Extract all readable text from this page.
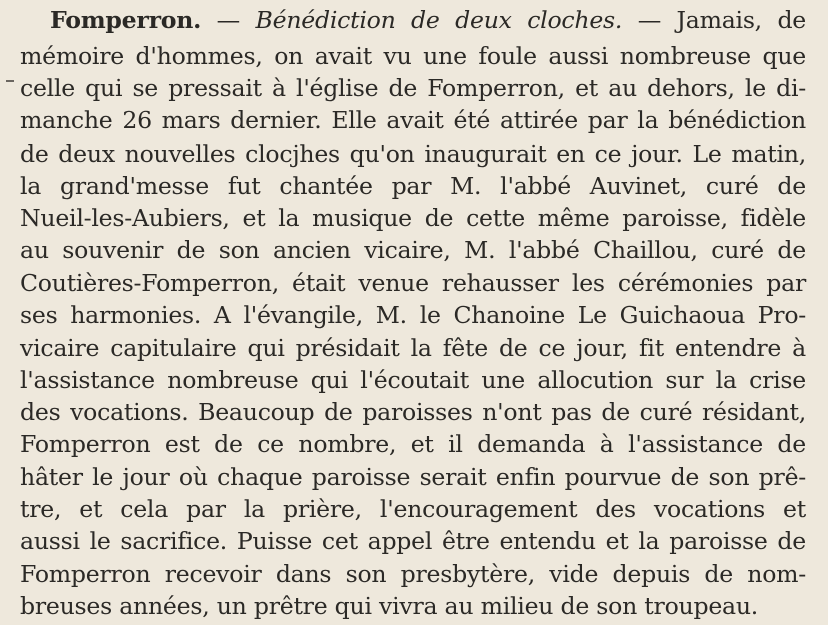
Fomperron. — Bénédiction de deux cloches. — Jamais, de
mémoire d'hommes, on avait vu une foule aussi nombreuse que
celle qui se pressait à l'église de Fomperron, et au dehors, le di-
manche 26 mars dernier. Elle avait été attirée par la bénédiction
de deux nouvelles clocjhes qu'on inaugurait en ce jour. Le matin,
la grand'messe fut chantée par M. l'abbé Auvinet, curé de
Nueil-les-Aubiers, et la musique de cette même paroisse, fidèle
au souvenir de son ancien vicaire, M. l'abbé Chaillou, curé de
Coutières-Fomperron, était venue rehausser les cérémonies par
ses harmonies. A l'évangile, M. le Chanoine Le Guichaoua Pro-
vicaire capitulaire qui présidait la fête de ce jour, fit entendre à
l'assistance nombreuse qui l'écoutait une allocution sur la crise
des vocations. Beaucoup de paroisses n'ont pas de curé résidant,
Fomperron est de ce nombre, et il demanda à l'assistance de
hâter le jour où chaque paroisse serait enfin pourvue de son prê-
tre, et cela par la prière, l'encouragement des vocations et
aussi le sacrifice. Puisse cet appel être entendu et la paroisse de
Fomperron recevoir dans son presbytère, vide depuis de nom-
breuses années, un prêtre qui vivra au milieu de son troupeau.
